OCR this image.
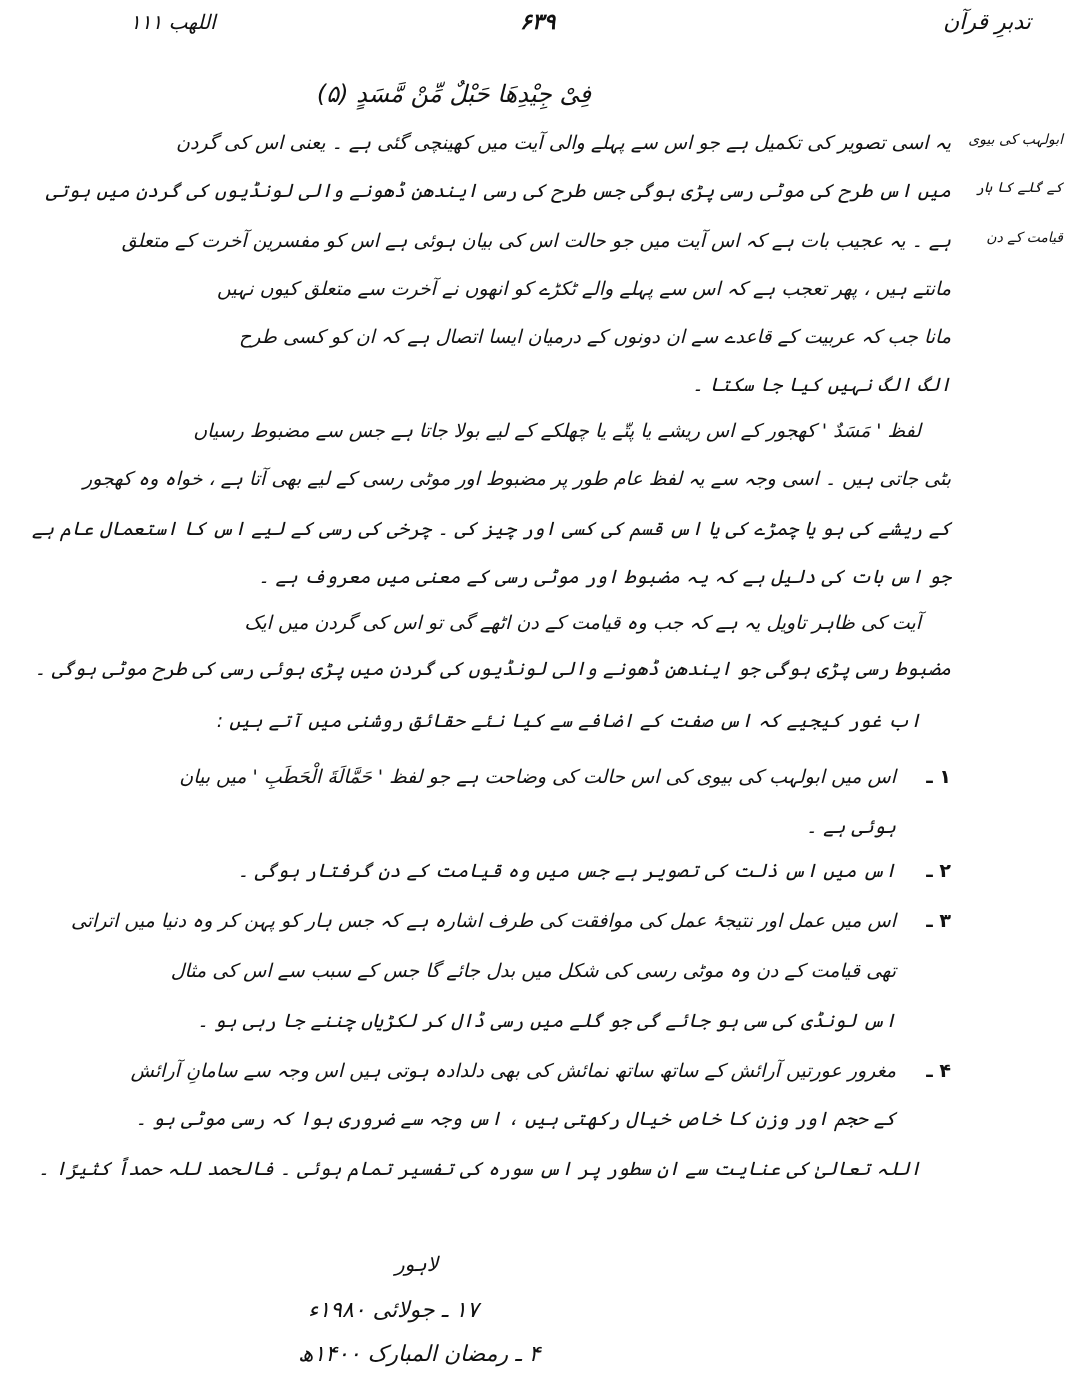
تدبرِ قرآن
۶۳۹
اللھب ۱۱۱
فِیْ جِیْدِھَا حَبْلٌ مِّنْ مَّسَدٍ (۵)
ابولہب کی بیوی
کے گلے کا ہار
قیامت کے دن
یہ اسی تصویر کی تکمیل ہے جو اس سے پہلے والی آیت میں کھینچی گئی ہے ۔ یعنی اس کی گردن
میں اس طرح کی موٹی رسی پڑی ہوگی جس طرح کی رسی ایندھن ڈھونے والی لونڈیوں کی گردن میں ہوتی
ہے ۔ یہ عجیب بات ہے کہ اس آیت میں جو حالت اس کی بیان ہوئی ہے اس کو مفسرین آخرت کے متعلق
مانتے ہیں ، پھر تعجب ہے کہ اس سے پہلے والے ٹکڑے کو انھوں نے آخرت سے متعلق کیوں نہیں
مانا جب کہ عربیت کے قاعدے سے ان دونوں کے درمیان ایسا اتصال ہے کہ ان کو کسی طرح
الگ الگ نہیں کیا جا سکتا ۔
لفظ ' مَسَدٌ ' کھجور کے اس ریشے یا پتّے یا چھلکے کے لیے بولا جاتا ہے جس سے مضبوط رسیاں
بٹی جاتی ہیں ۔ اسی وجہ سے یہ لفظ عام طور پر مضبوط اور موٹی رسی کے لیے بھی آتا ہے ، خواہ وہ کھجور
کے ریشے کی ہو یا چمڑے کی یا اس قسم کی کسی اور چیز کی ۔ چرخی کی رسی کے لیے اس کا استعمال عام ہے
جو اس بات کی دلیل ہے کہ یہ مضبوط اور موٹی رسی کے معنی میں معروف ہے ۔
آیت کی ظاہر تاویل یہ ہے کہ جب وہ قیامت کے دن اٹھے گی تو اس کی گردن میں ایک
مضبوط رسی پڑی ہوگی جو ایندھن ڈھونے والی لونڈیوں کی گردن میں پڑی ہوئی رسی کی طرح موٹی ہوگی ۔
اب غور کیجیے کہ اس صفت کے اضافے سے کیا نئے حقائق روشنی میں آتے ہیں :
۱ ـ
اس میں ابولہب کی بیوی کی اس حالت کی وضاحت ہے جو لفظ ' حَمَّالَةَ الْحَطَبِ ' میں بیان
ہوئی ہے ۔
۲ ـ
اس میں اس ذلت کی تصویر ہے جس میں وہ قیامت کے دن گرفتار ہوگی ۔
۳ ـ
اس میں عمل اور نتیجۂ عمل کی موافقت کی طرف اشارہ ہے کہ جس ہار کو پہن کر وہ دنیا میں اتراتی
تھی قیامت کے دن وہ موٹی رسی کی شکل میں بدل جائے گا جس کے سبب سے اس کی مثال
اس لونڈی کی سی ہو جائے گی جو گلے میں رسی ڈال کر لکڑیاں چننے جا رہی ہو ۔
۴ ـ
مغرور عورتیں آرائش کے ساتھ ساتھ نمائش کی بھی دلدادہ ہوتی ہیں اس وجہ سے سامانِ آرائش
کے حجم اور وزن کا خاص خیال رکھتی ہیں ، اس وجہ سے ضروری ہوا کہ رسی موٹی ہو ۔
اللہ تعالیٰ کی عنایت سے ان سطور پر اس سورہ کی تفسیر تمام ہوئی ۔ فالحمد للہ حمداً کثیرًا ۔
لاہور
۱۷ ـ جولائی ۱۹۸۰ء
۴ ـ رمضان المبارک ۱۴۰۰ھ
